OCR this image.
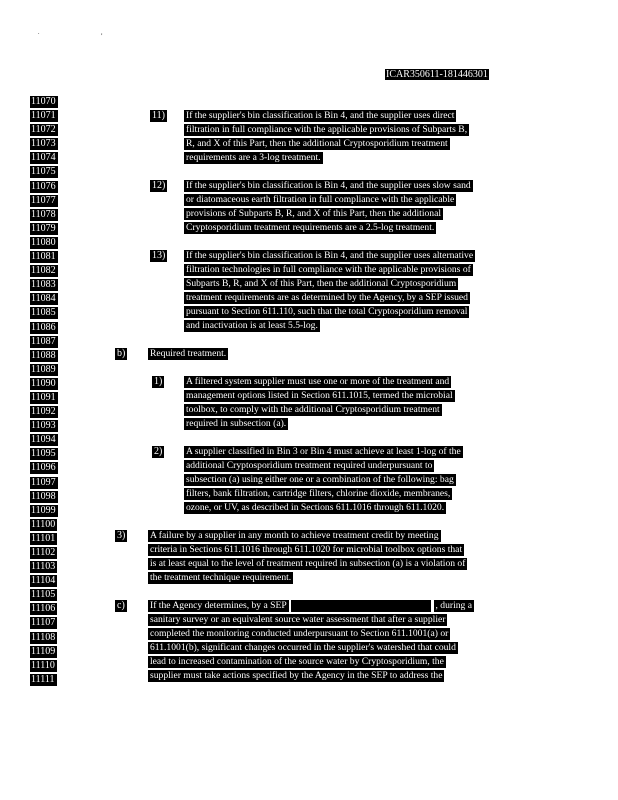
. ,
ICAR350611-181446301
11070
11071
11072
11073
11074
11075
11076
11077
11078
11079
11080
11081
11082
11083
11084
11085
11086
11087
11088
11089
11090
11091
11092
11093
11094
11095
11096
11097
11098
11099
11100
11101
11102
11103
11104
11105
11106
11107
11108
11109
11110
11111
11) If the supplier's bin classification is Bin 4, and the supplier uses direct
filtration in full compliance with the applicable provisions of Subparts B,
R, and X of this Part, then the additional Cryptosporidium treatment
requirements are a 3-log treatment.
12) If the supplier's bin classification is Bin 4, and the supplier uses slow sand
or diatomaceous earth filtration in full compliance with the applicable
provisions of Subparts B, R, and X of this Part, then the additional
Cryptosporidium treatment requirements are a 2.5-log treatment.
13) If the supplier's bin classification is Bin 4, and the supplier uses alternative
filtration technologies in full compliance with the applicable provisions of
Subparts B, R, and X of this Part, then the additional Cryptosporidium
treatment requirements are as determined by the Agency, by a SEP issued
pursuant to Section 611.110, such that the total Cryptosporidium removal
and inactivation is at least 5.5-log.
b)	Required treatment.
1) A filtered system supplier must use one or more of the treatment and
management options listed in Section 611.1015, termed the microbial
toolbox, to comply with the additional Cryptosporidium treatment
required in subsection (a).
2) A supplier classified in Bin 3 or Bin 4 must achieve at least 1-log of the
additional Cryptosporidium treatment required underpursuant to
subsection (a) using either one or a combination of the following: bag
filters, bank filtration, cartridge filters, chlorine dioxide, membranes,
ozone, or UV, as described in Sections 611.1016 through 611.1020.
3)	A failure by a supplier in any month to achieve treatment credit by meeting
criteria in Sections 611.1016 through 611.1020 for microbial toolbox options that
is at least equal to the level of treatment required in subsection (a) is a violation of
the treatment technique requirement.
c)	If the Agency determines, by a SEP	, during a
sanitary survey or an equivalent source water assessment that after a supplier
completed the monitoring conducted underpursuant to Section 611.1001(a) or
611.1001(b), significant changes occurred in the supplier's watershed that could
lead to increased contamination of the source water by Cryptosporidium, the
supplier must take actions specified by the Agency in the SEP to address the
